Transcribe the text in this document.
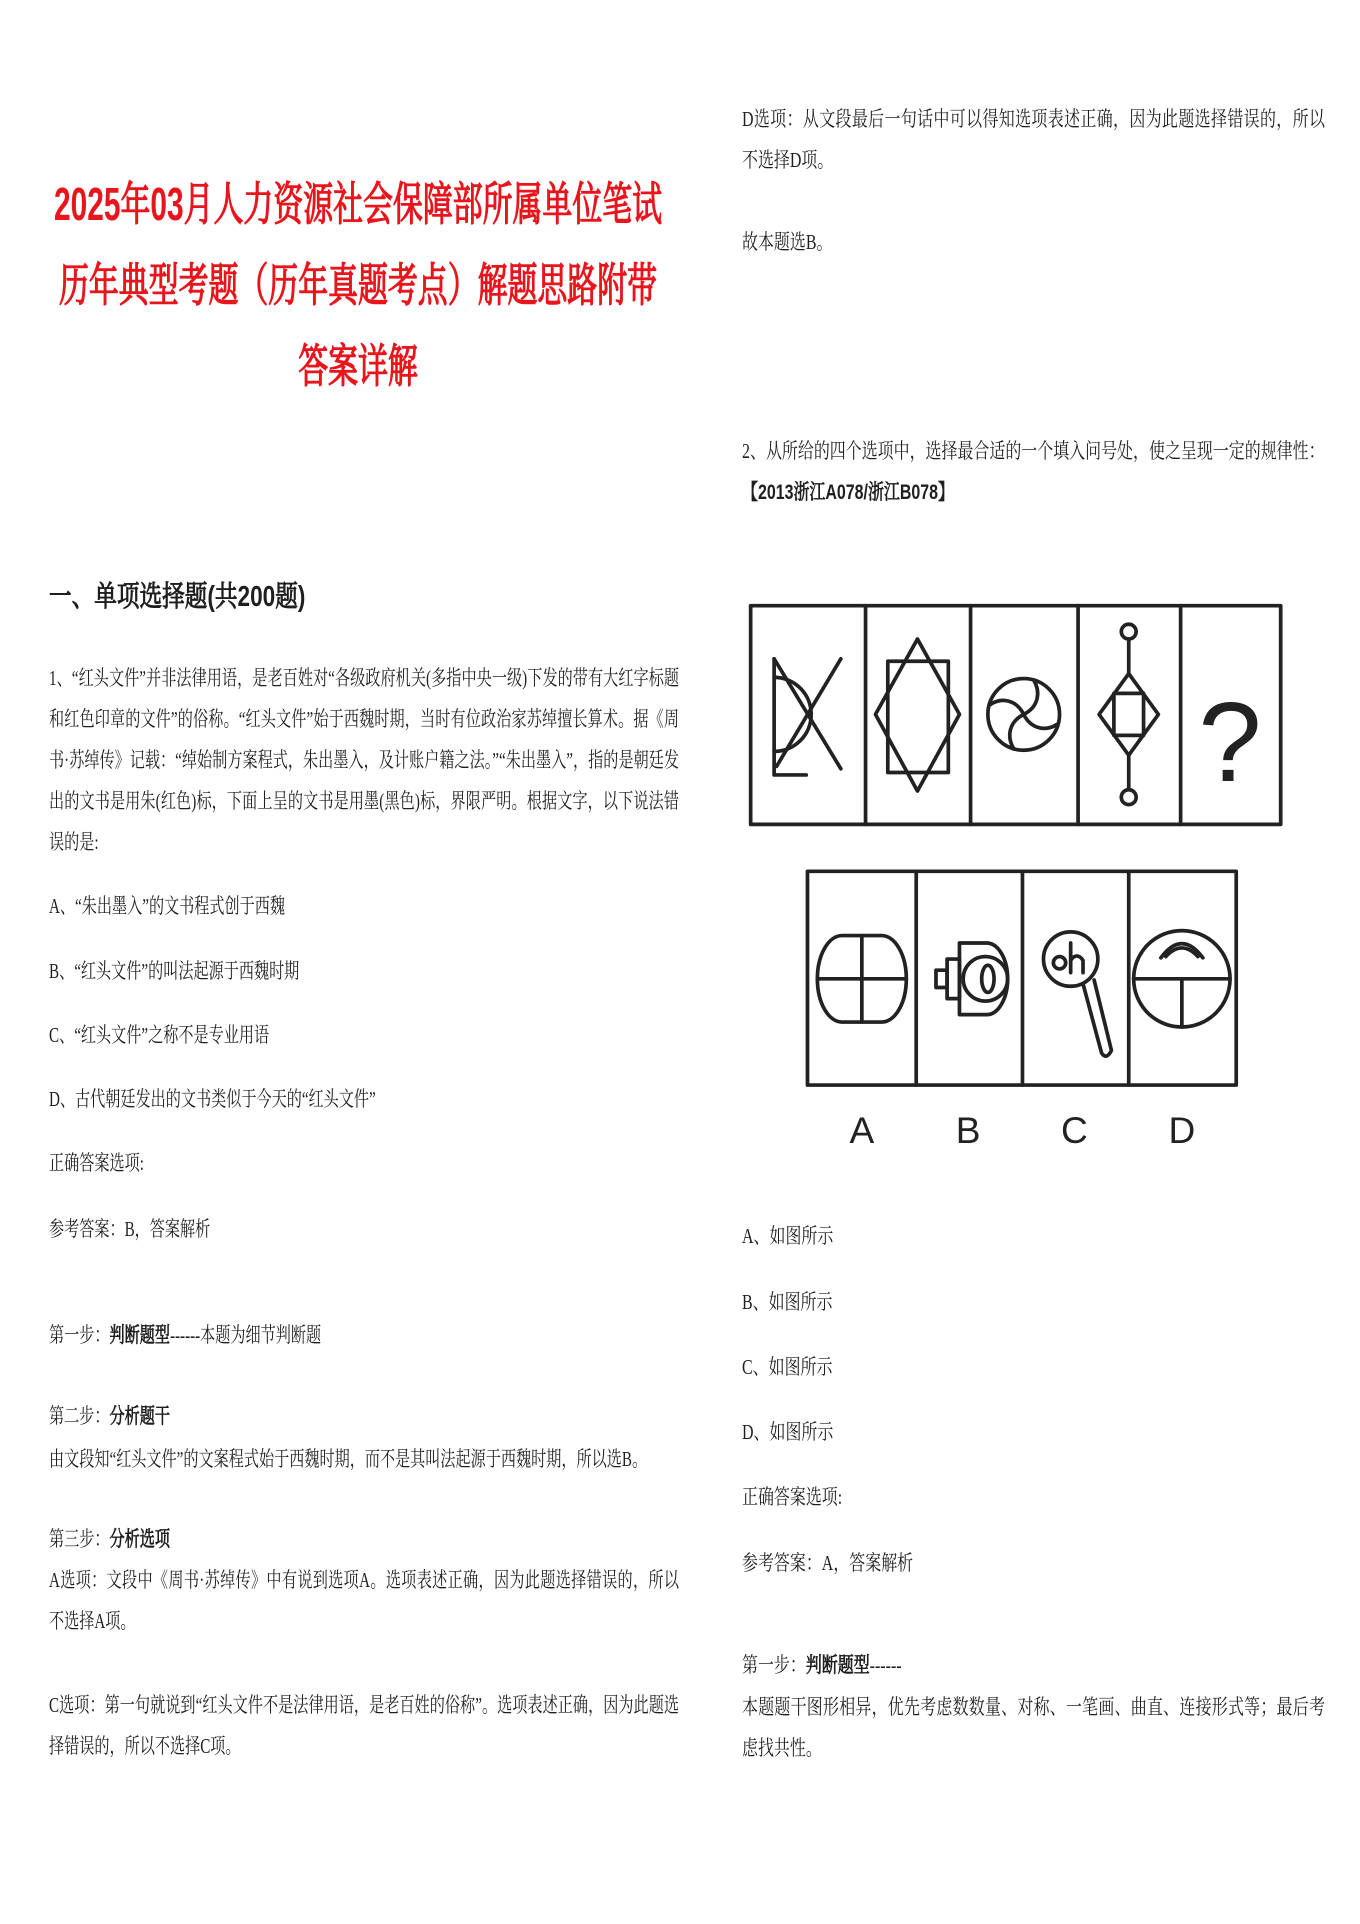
2025年03月人力资源社会保障部所属单位笔试
历年典型考题（历年真题考点）解题思路附带
答案详解
一、单项选择题(共200题)
1、“红头文件”并非法律用语，是老百姓对“各级政府机关(多指中央一级)下发的带有大红字标题和红色印章的文件”的俗称。“红头文件”始于西魏时期，当时有位政治家苏绰擅长算术。据《周书·苏绰传》记载：“绰始制方案程式，朱出墨入，及计账户籍之法。”“朱出墨入”，指的是朝廷发出的文书是用朱(红色)标，下面上呈的文书是用墨(黑色)标，界限严明。根据文字，以下说法错误的是:
A、“朱出墨入”的文书程式创于西魏
B、“红头文件”的叫法起源于西魏时期
C、“红头文件”之称不是专业用语
D、古代朝廷发出的文书类似于今天的“红头文件”
正确答案选项:
参考答案：B，答案解析
第一步：判断题型------本题为细节判断题
第二步：分析题干
由文段知“红头文件”的文案程式始于西魏时期，而不是其叫法起源于西魏时期，所以选B。
第三步：分析选项
A选项：文段中《周书·苏绰传》中有说到选项A。选项表述正确，因为此题选择错误的，所以不选择A项。
C选项：第一句就说到“红头文件不是法律用语，是老百姓的俗称”。选项表述正确，因为此题选择错误的，所以不选择C项。
D选项：从文段最后一句话中可以得知选项表述正确，因为此题选择错误的，所以不选择D项。
故本题选B。
2、从所给的四个选项中，选择最合适的一个填入问号处，使之呈现一定的规律性：
【2013浙江A078/浙江B078】
?
A	B	C	D
A、如图所示
B、如图所示
C、如图所示
D、如图所示
正确答案选项:
参考答案：A，答案解析
第一步：判断题型------
本题题干图形相异，优先考虑数数量、对称、一笔画、曲直、连接形式等；最后考虑找共性。
